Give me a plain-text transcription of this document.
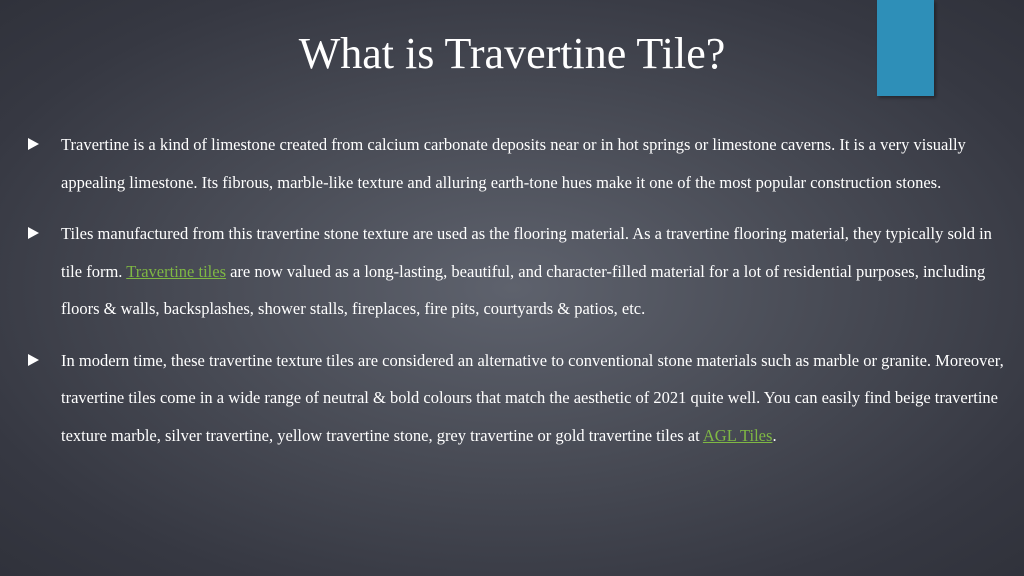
What is Travertine Tile?
Travertine is a kind of limestone created from calcium carbonate deposits near or in hot springs or limestone caverns. It is a very visually appealing limestone. Its fibrous, marble-like texture and alluring earth-tone hues make it one of the most popular construction stones.
Tiles manufactured from this travertine stone texture are used as the flooring material. As a travertine flooring material, they typically sold in tile form. Travertine tiles are now valued as a long-lasting, beautiful, and character-filled material for a lot of residential purposes, including floors & walls, backsplashes, shower stalls, fireplaces, fire pits, courtyards & patios, etc.
In modern time, these travertine texture tiles are considered an alternative to conventional stone materials such as marble or granite. Moreover, travertine tiles come in a wide range of neutral & bold colours that match the aesthetic of 2021 quite well. You can easily find beige travertine texture marble, silver travertine, yellow travertine stone, grey travertine or gold travertine tiles at AGL Tiles.
